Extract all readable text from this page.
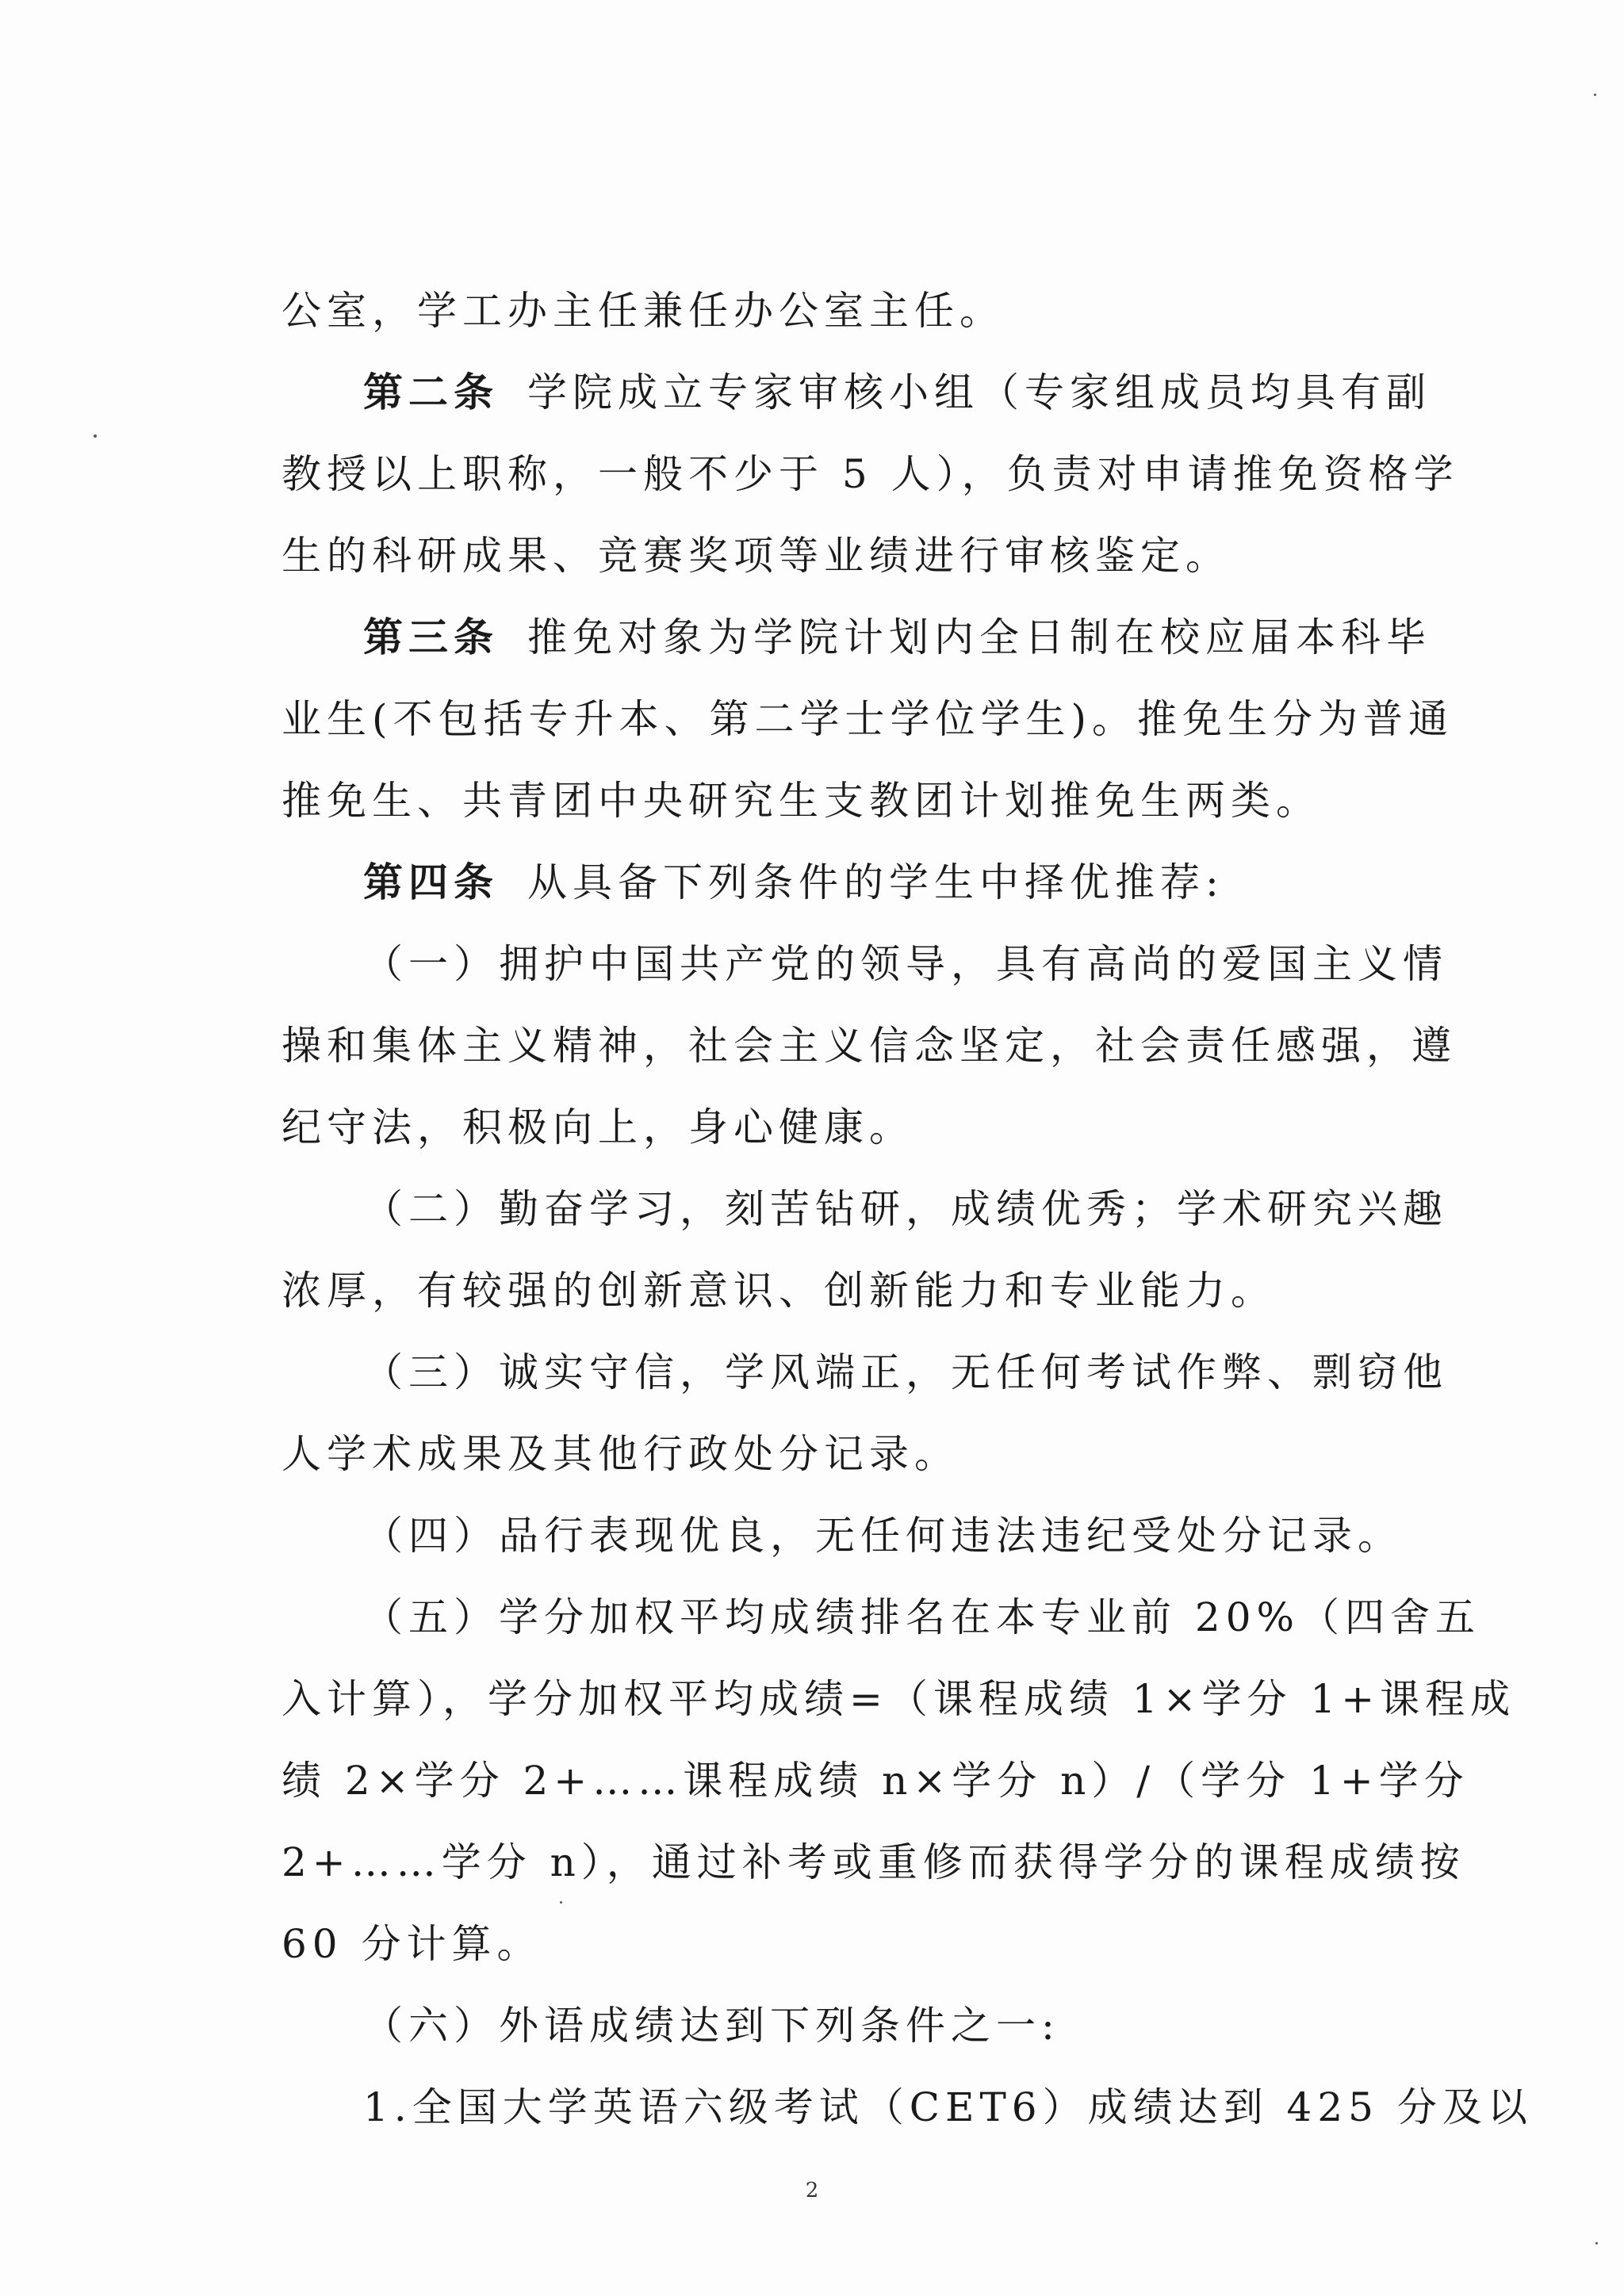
公室，学工办主任兼任办公室主任。
第二条 学院成立专家审核小组（专家组成员均具有副
教授以上职称，一般不少于 5 人），负责对申请推免资格学
生的科研成果、竞赛奖项等业绩进行审核鉴定。
第三条 推免对象为学院计划内全日制在校应届本科毕
业生(不包括专升本、第二学士学位学生)。推免生分为普通
推免生、共青团中央研究生支教团计划推免生两类。
第四条 从具备下列条件的学生中择优推荐:
（一）拥护中国共产党的领导，具有高尚的爱国主义情
操和集体主义精神，社会主义信念坚定，社会责任感强，遵
纪守法，积极向上，身心健康。
（二）勤奋学习，刻苦钻研，成绩优秀；学术研究兴趣
浓厚，有较强的创新意识、创新能力和专业能力。
（三）诚实守信，学风端正，无任何考试作弊、剽窃他
人学术成果及其他行政处分记录。
（四）品行表现优良，无任何违法违纪受处分记录。
（五）学分加权平均成绩排名在本专业前 20%（四舍五
入计算），学分加权平均成绩=（课程成绩 1×学分 1+课程成
绩 2×学分 2+……课程成绩 n×学分 n）/（学分 1+学分
2+……学分 n），通过补考或重修而获得学分的课程成绩按
60 分计算。
（六）外语成绩达到下列条件之一:
1.全国大学英语六级考试（CET6）成绩达到 425 分及以
2
